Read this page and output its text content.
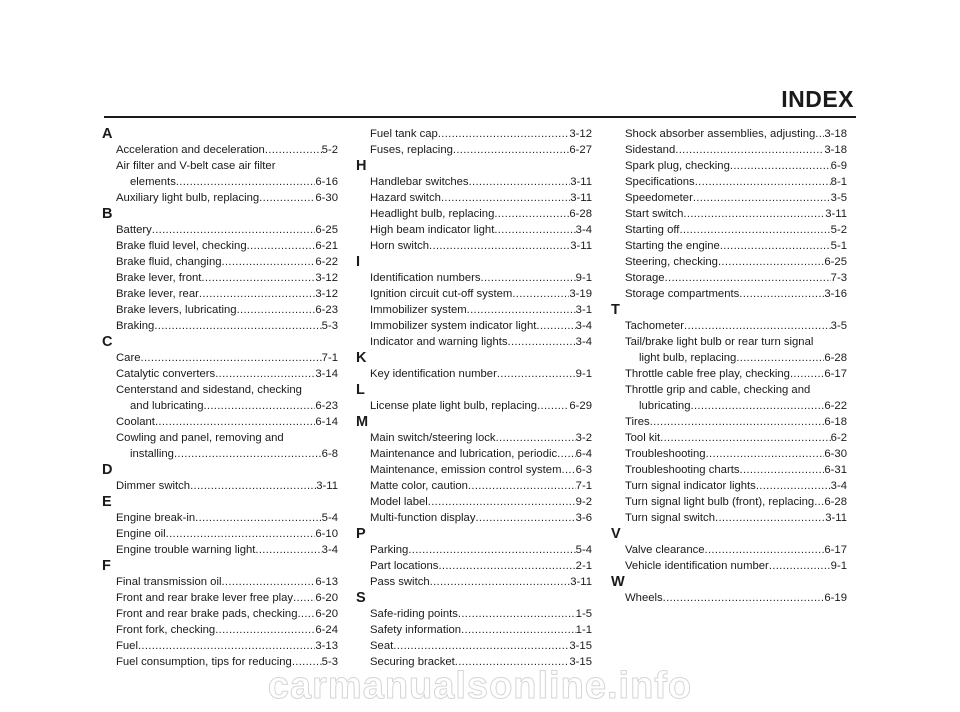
INDEX
A
Acceleration and deceleration .....	5-2
Air filter and V-belt case air filter
elements .....	6-16
Auxiliary light bulb, replacing .....	6-30
B
Battery .....	6-25
Brake fluid level, checking .....	6-21
Brake fluid, changing .....	6-22
Brake lever, front .....	3-12
Brake lever, rear .....	3-12
Brake levers, lubricating .....	6-23
Braking .....	5-3
C
Care .....	7-1
Catalytic converters .....	3-14
Centerstand and sidestand, checking
and lubricating .....	6-23
Coolant .....	6-14
Cowling and panel, removing and
installing .....	6-8
D
Dimmer switch .....	3-11
E
Engine break-in .....	5-4
Engine oil .....	6-10
Engine trouble warning light .....	3-4
F
Final transmission oil .....	6-13
Front and rear brake lever free play ..... 6-20
Front and rear brake pads, checking ..... 6-20
Front fork, checking .....	6-24
Fuel .....	3-13
Fuel consumption, tips for reducing .....	5-3
Fuel tank cap .....	3-12
Fuses, replacing .....	6-27
H
Handlebar switches .....	3-11
Hazard switch .....	3-11
Headlight bulb, replacing .....	6-28
High beam indicator light .....	3-4
Horn switch .....	3-11
I
Identification numbers .....	9-1
Ignition circuit cut-off system .....	3-19
Immobilizer system .....	3-1
Immobilizer system indicator light .....	3-4
Indicator and warning lights .....	3-4
K
Key identification number .....	9-1
L
License plate light bulb, replacing .....	6-29
M
Main switch/steering lock .....	3-2
Maintenance and lubrication, periodic ..... 6-4
Maintenance, emission control system ..... 6-3
Matte color, caution .....	7-1
Model label .....	9-2
Multi-function display .....	3-6
P
Parking .....	5-4
Part locations .....	2-1
Pass switch .....	3-11
S
Safe-riding points .....	1-5
Safety information .....	1-1
Seat .....	3-15
Securing bracket .....	3-15
Shock absorber assemblies, adjusting ..... 3-18
Sidestand .....	3-18
Spark plug, checking .....	6-9
Specifications .....	8-1
Speedometer .....	3-5
Start switch .....	3-11
Starting off .....	5-2
Starting the engine .....	5-1
Steering, checking .....	6-25
Storage .....	7-3
Storage compartments .....	3-16
T
Tachometer .....	3-5
Tail/brake light bulb or rear turn signal
light bulb, replacing .....	6-28
Throttle cable free play, checking .....	6-17
Throttle grip and cable, checking and
lubricating .....	6-22
Tires .....	6-18
Tool kit .....	6-2
Troubleshooting .....	6-30
Troubleshooting charts .....	6-31
Turn signal indicator lights .....	3-4
Turn signal light bulb (front), replacing ..... 6-28
Turn signal switch .....	3-11
V
Valve clearance .....	6-17
Vehicle identification number .....	9-1
W
Wheels .....	6-19
carmanualsonline.info
